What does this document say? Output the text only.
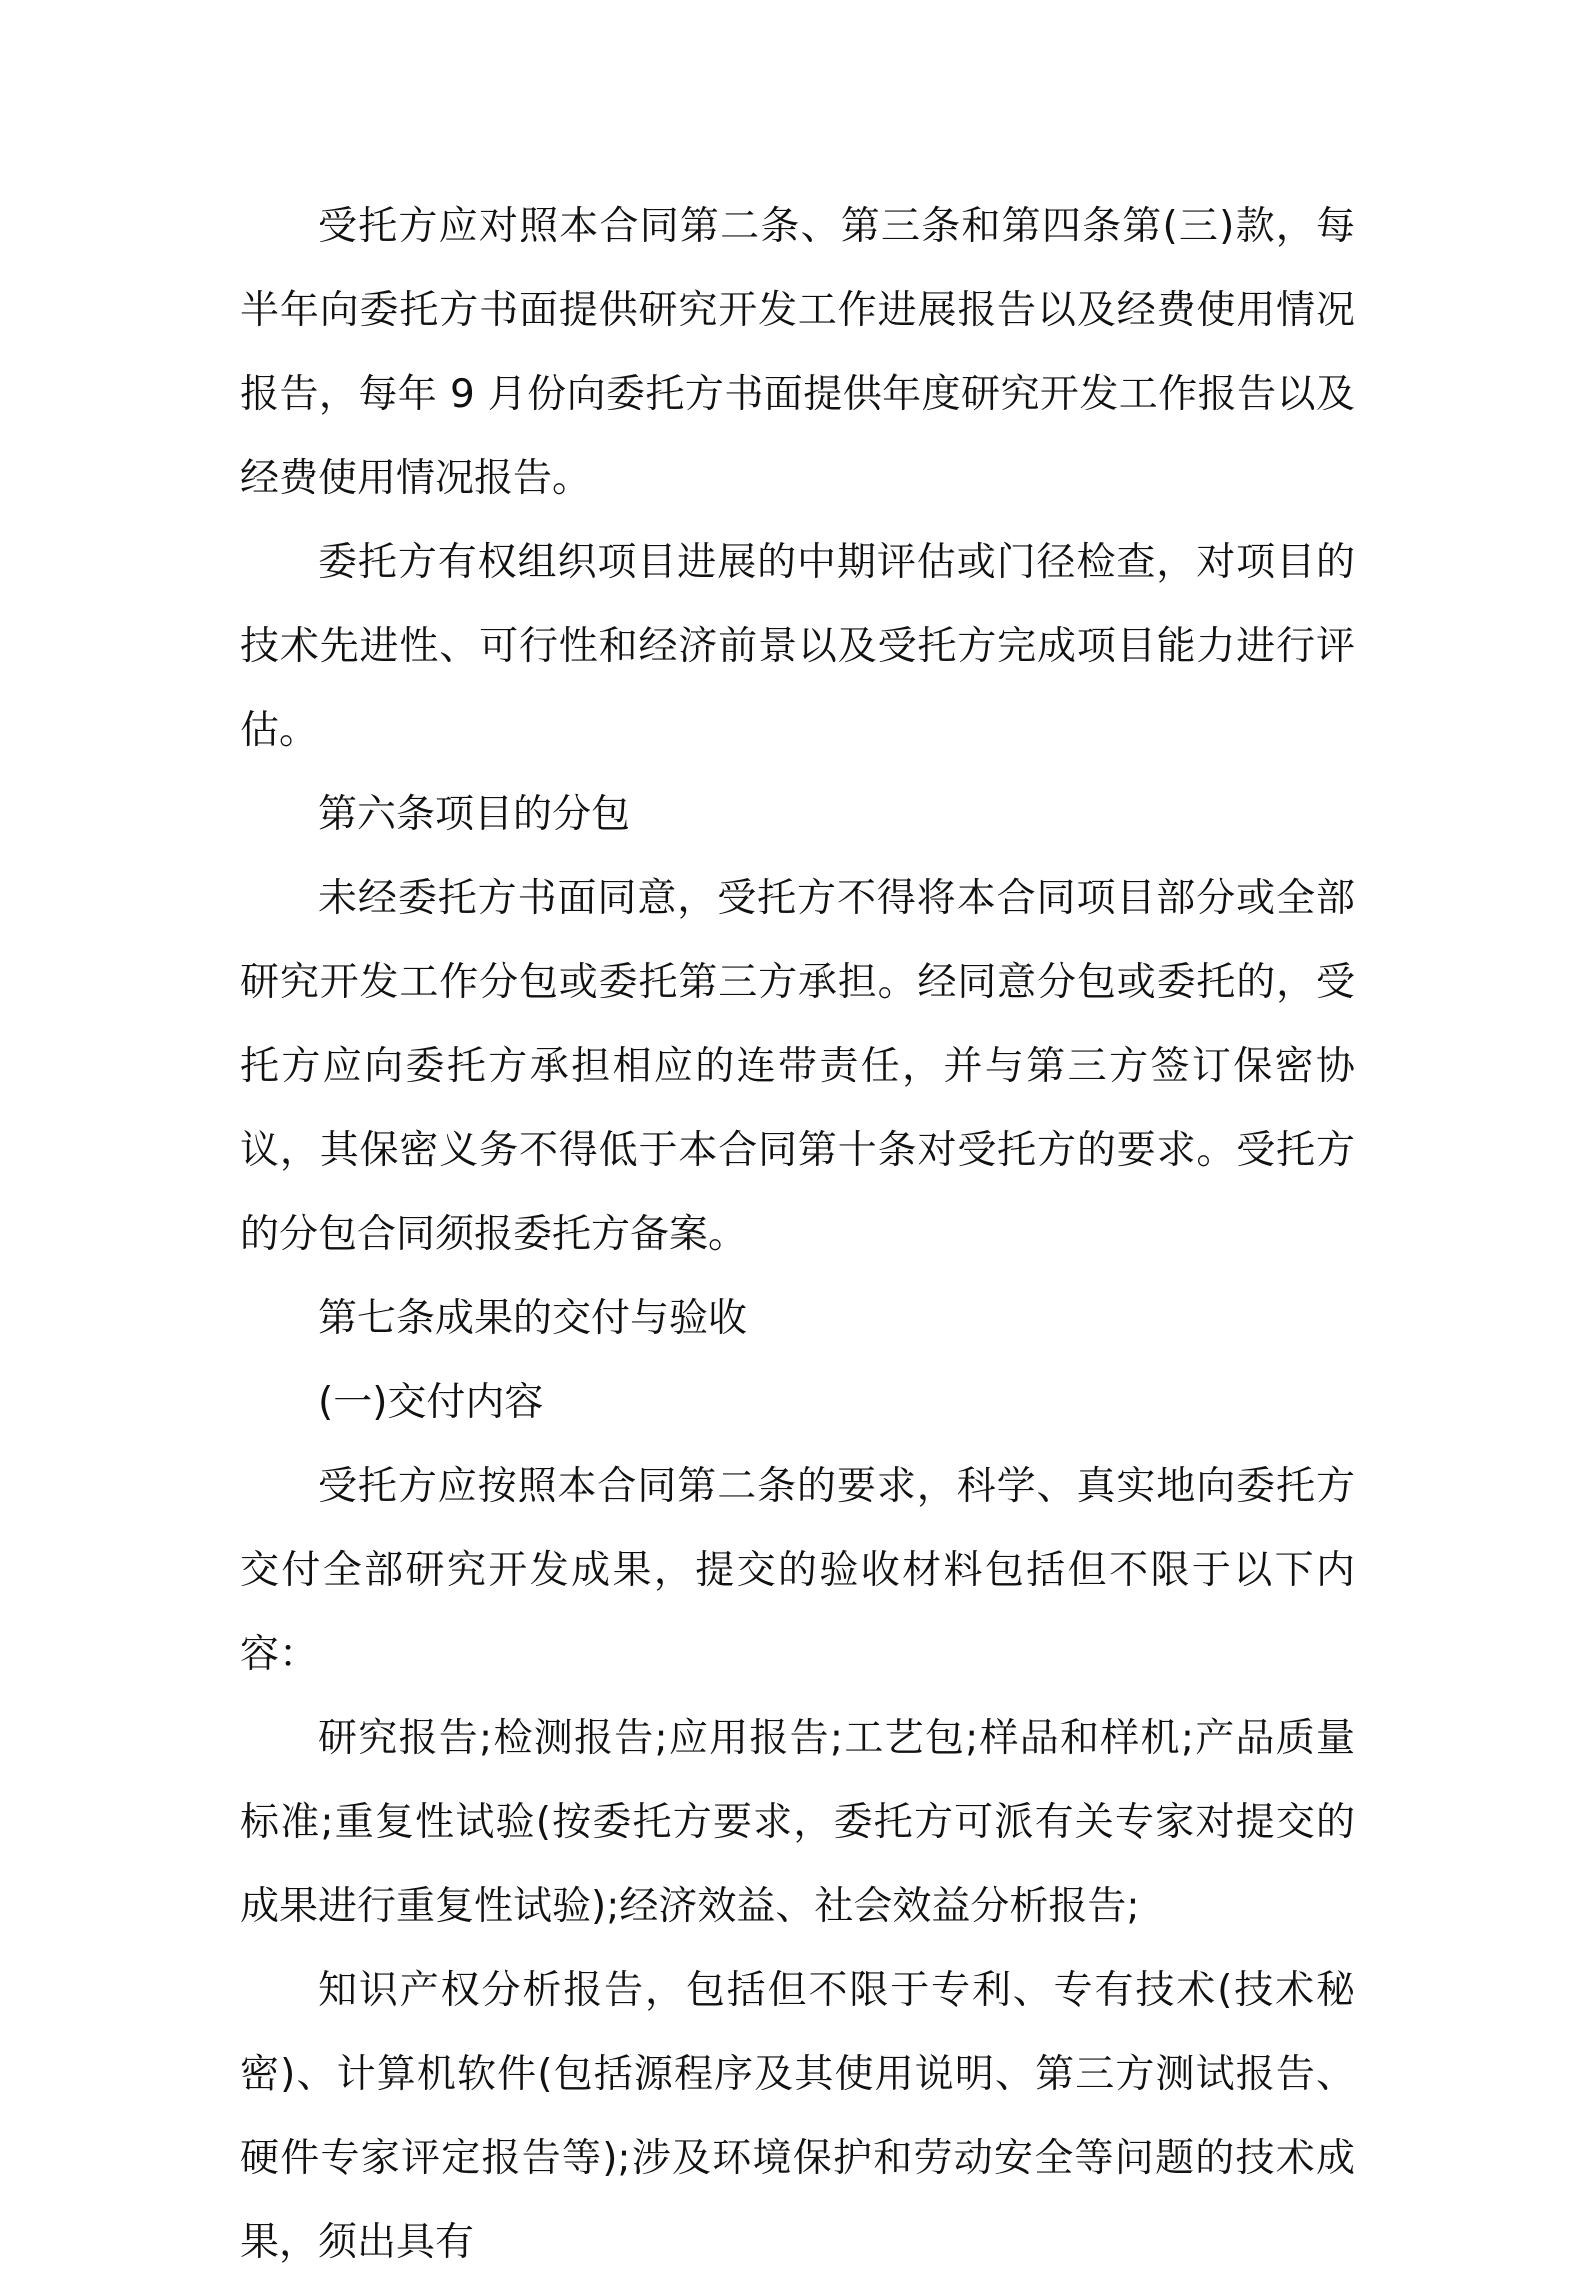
受托方应对照本合同第二条、第三条和第四条第(三)款，每半年向委托方书面提供研究开发工作进展报告以及经费使用情况报告，每年 9 月份向委托方书面提供年度研究开发工作报告以及经费使用情况报告。

委托方有权组织项目进展的中期评估或门径检查，对项目的技术先进性、可行性和经济前景以及受托方完成项目能力进行评估。

第六条项目的分包

未经委托方书面同意，受托方不得将本合同项目部分或全部研究开发工作分包或委托第三方承担。经同意分包或委托的，受托方应向委托方承担相应的连带责任，并与第三方签订保密协议，其保密义务不得低于本合同第十条对受托方的要求。受托方的分包合同须报委托方备案。

第七条成果的交付与验收

(一)交付内容

受托方应按照本合同第二条的要求，科学、真实地向委托方交付全部研究开发成果，提交的验收材料包括但不限于以下内容：

研究报告;检测报告;应用报告;工艺包;样品和样机;产品质量标准;重复性试验(按委托方要求，委托方可派有关专家对提交的成果进行重复性试验);经济效益、社会效益分析报告;

知识产权分析报告，包括但不限于专利、专有技术(技术秘密)、计算机软件(包括源程序及其使用说明、第三方测试报告、硬件专家评定报告等);涉及环境保护和劳动安全等问题的技术成果，须出具有
